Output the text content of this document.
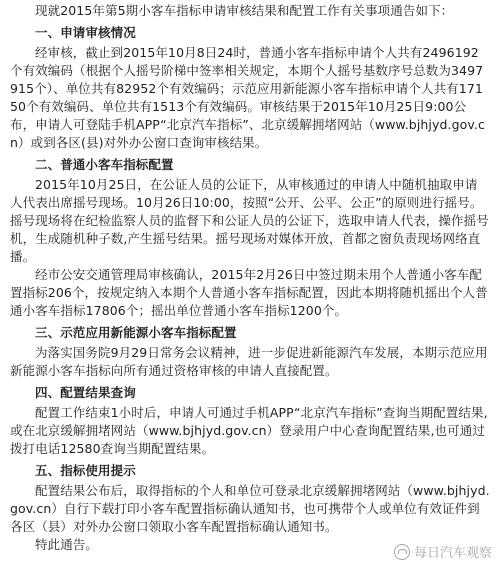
现就2015年第5期小客车指标申请审核结果和配置工作有关事项通告如下：

一、申请审核情况

经审核，截止到2015年10月8日24时，普通小客车指标申请个人共有2496192个有效编码（根据个人摇号阶梯中签率相关规定，本期个人摇号基数序号总数为3497915个）、单位共有82952个有效编码；示范应用新能源小客车指标申请个人共有17150个有效编码、单位共有1513个有效编码。审核结果于2015年10月25日9:00公布，申请人可登陆手机APP“北京汽车指标”、北京缓解拥堵网站（www.bjhjyd.gov.cn）或到各区(县)对外办公窗口查询审核结果。

二、普通小客车指标配置

2015年10月25日，在公证人员的公证下，从审核通过的申请人中随机抽取申请人代表出席摇号现场。10月26日10:00，按照“公开、公平、公正”的原则进行摇号。摇号现场将在纪检监察人员的监督下和公证人员的公证下，选取申请人代表，操作摇号机，生成随机种子数,产生摇号结果。摇号现场对媒体开放，首都之窗负责现场网络直播。

经市公安交通管理局审核确认，2015年2月26日中签过期未用个人普通小客车配置指标206个，按规定纳入本期个人普通小客车指标配置，因此本期将随机摇出个人普通小客车指标17806个；摇出单位普通小客车指标1200个。

三、示范应用新能源小客车指标配置

为落实国务院9月29日常务会议精神，进一步促进新能源汽车发展，本期示范应用新能源小客车指标向所有通过资格审核的申请人直接配置。

四、配置结果查询

配置工作结束1小时后，申请人可通过手机APP“北京汽车指标”查询当期配置结果,或在北京缓解拥堵网站（www.bjhjyd.gov.cn）登录用户中心查询配置结果,也可通过拨打电话12580查询当期配置结果。

五、指标使用提示

配置结果公布后，取得指标的个人和单位可登录北京缓解拥堵网站（www.bjhjyd.gov.cn）自行下载打印小客车配置指标确认通知书，也可携带个人或单位有效证件到各区（县）对外办公窗口领取小客车配置指标确认通知书。

特此通告。

每日汽车观察
